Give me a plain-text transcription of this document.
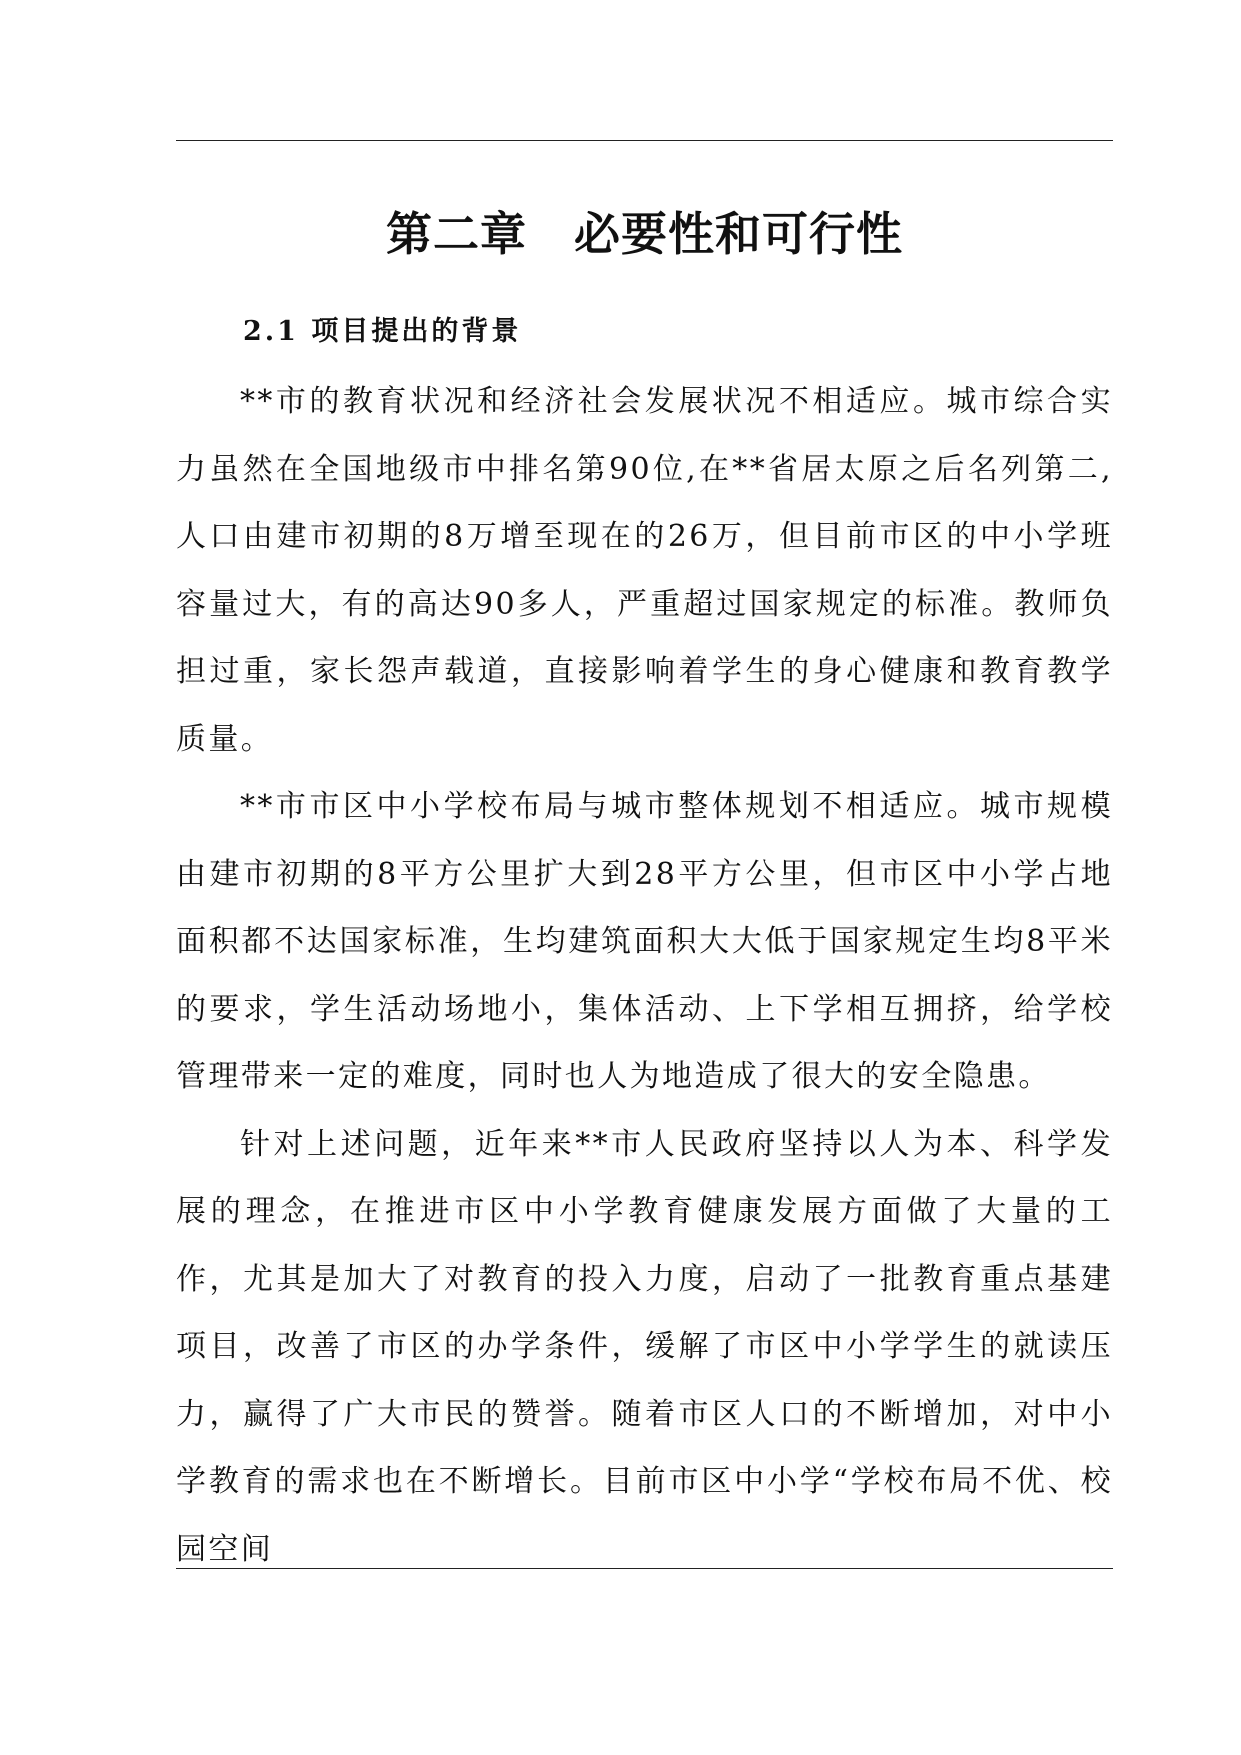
第二章　必要性和可行性
2.1 项目提出的背景

**市的教育状况和经济社会发展状况不相适应。城市综合实力虽然在全国地级市中排名第90位,在**省居太原之后名列第二,人口由建市初期的8万增至现在的26万，但目前市区的中小学班容量过大，有的高达90多人，严重超过国家规定的标准。教师负担过重，家长怨声载道，直接影响着学生的身心健康和教育教学质量。

**市市区中小学校布局与城市整体规划不相适应。城市规模由建市初期的8平方公里扩大到28平方公里，但市区中小学占地面积都不达国家标准，生均建筑面积大大低于国家规定生均8平米的要求，学生活动场地小，集体活动、上下学相互拥挤，给学校管理带来一定的难度，同时也人为地造成了很大的安全隐患。

针对上述问题，近年来**市人民政府坚持以人为本、科学发展的理念，在推进市区中小学教育健康发展方面做了大量的工作，尤其是加大了对教育的投入力度，启动了一批教育重点基建项目，改善了市区的办学条件，缓解了市区中小学学生的就读压力，赢得了广大市民的赞誉。随着市区人口的不断增加，对中小学教育的需求也在不断增长。目前市区中小学“学校布局不优、校园空间
